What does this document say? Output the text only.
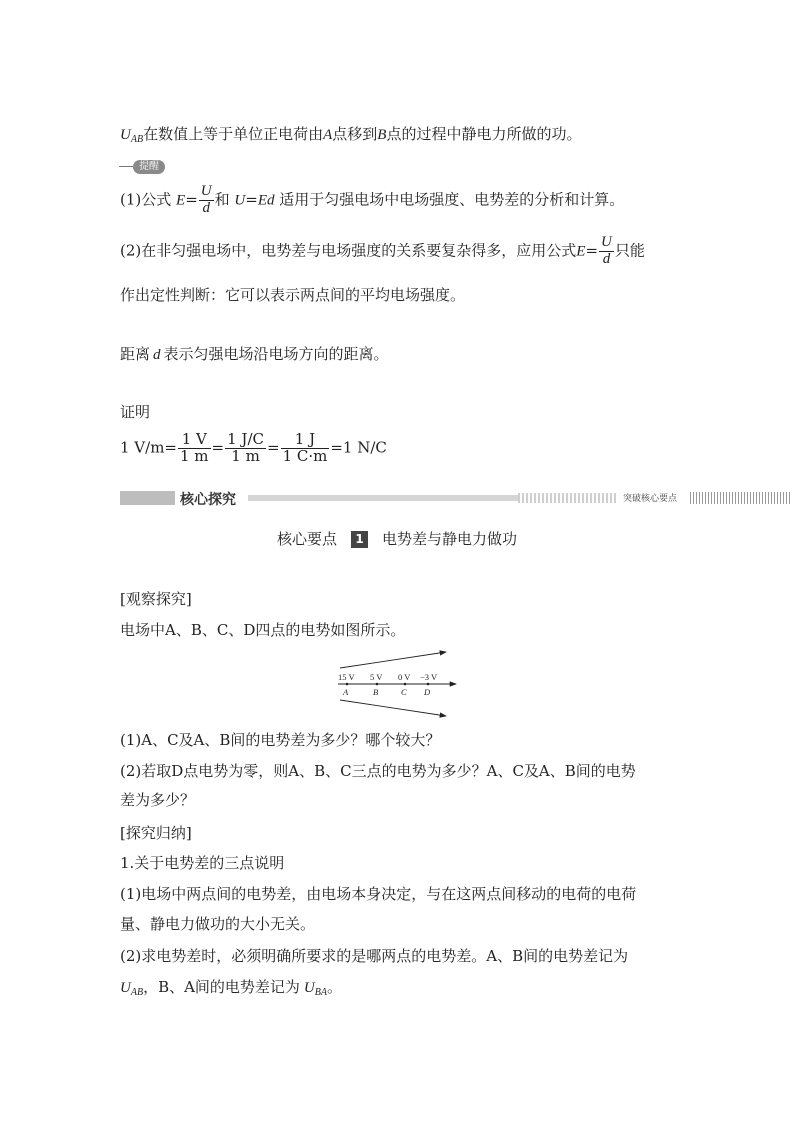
$U_{AB}$在数值上等于单位正电荷由A点移到B点的过程中静电力所做的功。
提醒
(1)公式 $E= \frac{U}{d}$ 和 U=Ed 适用于匀强电场中电场强度、电势差的分析和计算。
(2)在非匀强电场中，电势差与电场强度的关系要复杂得多，应用公式$E= \frac{U}{d}$ 只能
作出定性判断：它可以表示两点间的平均电场强度。
距离 d 表示匀强电场沿电场方向的距离。
证明
1 $V/m= \frac{1 V}{1 m} = \frac{1 J/C}{1 m} = \frac{1 J}{1 C\cdot m} =1$ N/C
核心探究	突破核心要点
核心要点 1 电势差与静电力做功
[观察探究]
电场中A、B、C、D四点的电势如图所示。
15 V 5 V 0 V −3 V
A	B	C D
(1)A、C及A、B间的电势差为多少？哪个较大？
(2)若取D点电势为零，则A、B、C三点的电势为多少？A、C及A、B间的电势
差为多少？
[探究归纳]
1.关于电势差的三点说明
(1)电场中两点间的电势差，由电场本身决定，与在这两点间移动的电荷的电荷
量、静电力做功的大小无关。
(2)求电势差时，必须明确所要求的是哪两点的电势差。A、B间的电势差记为
$U_{AB}$，B、A间的电势差记为 $U_{BA}$。
